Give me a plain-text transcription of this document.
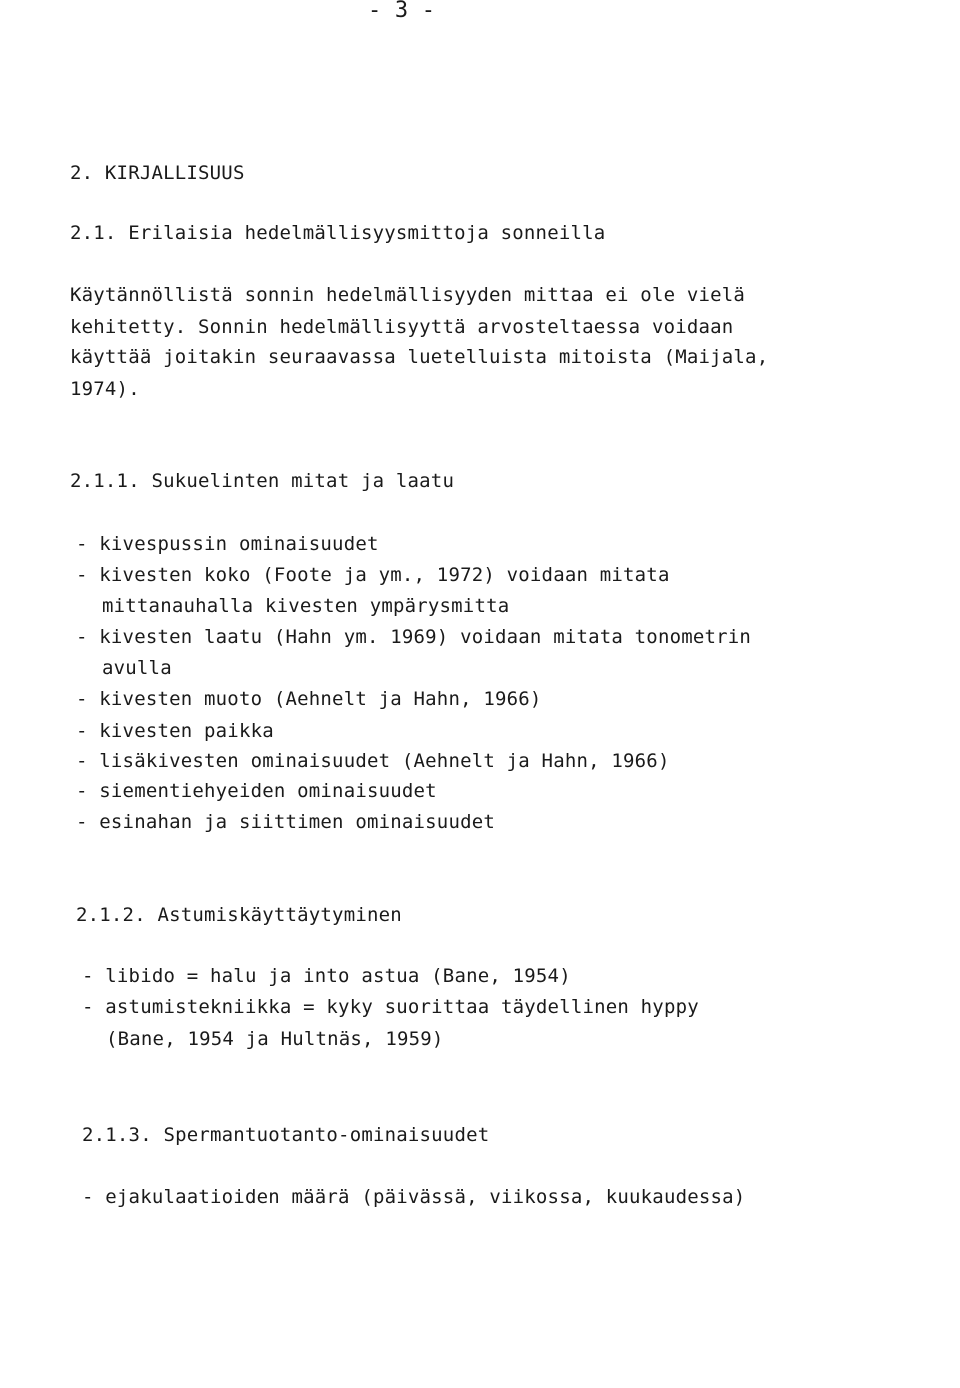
- 3 -
2. KIRJALLISUUS
2.1. Erilaisia hedelmällisyysmittoja sonneilla
Käytännöllistä sonnin hedelmällisyyden mittaa ei ole vielä
kehitetty. Sonnin hedelmällisyyttä arvosteltaessa voidaan
käyttää joitakin seuraavassa luetelluista mitoista (Maijala,
1974).
2.1.1. Sukuelinten mitat ja laatu
- kivespussin ominaisuudet
- kivesten koko (Foote ja ym., 1972) voidaan mitata
mittanauhalla kivesten ympärysmitta
- kivesten laatu (Hahn ym. 1969) voidaan mitata tonometrin
avulla
- kivesten muoto (Aehnelt ja Hahn, 1966)
- kivesten paikka
- lisäkivesten ominaisuudet (Aehnelt ja Hahn, 1966)
- siementiehyeiden ominaisuudet
- esinahan ja siittimen ominaisuudet
2.1.2. Astumiskäyttäytyminen
- libido = halu ja into astua (Bane, 1954)
- astumistekniikka = kyky suorittaa täydellinen hyppy
(Bane, 1954 ja Hultnäs, 1959)
2.1.3. Spermantuotanto-ominaisuudet
- ejakulaatioiden määrä (päivässä, viikossa, kuukaudessa)
